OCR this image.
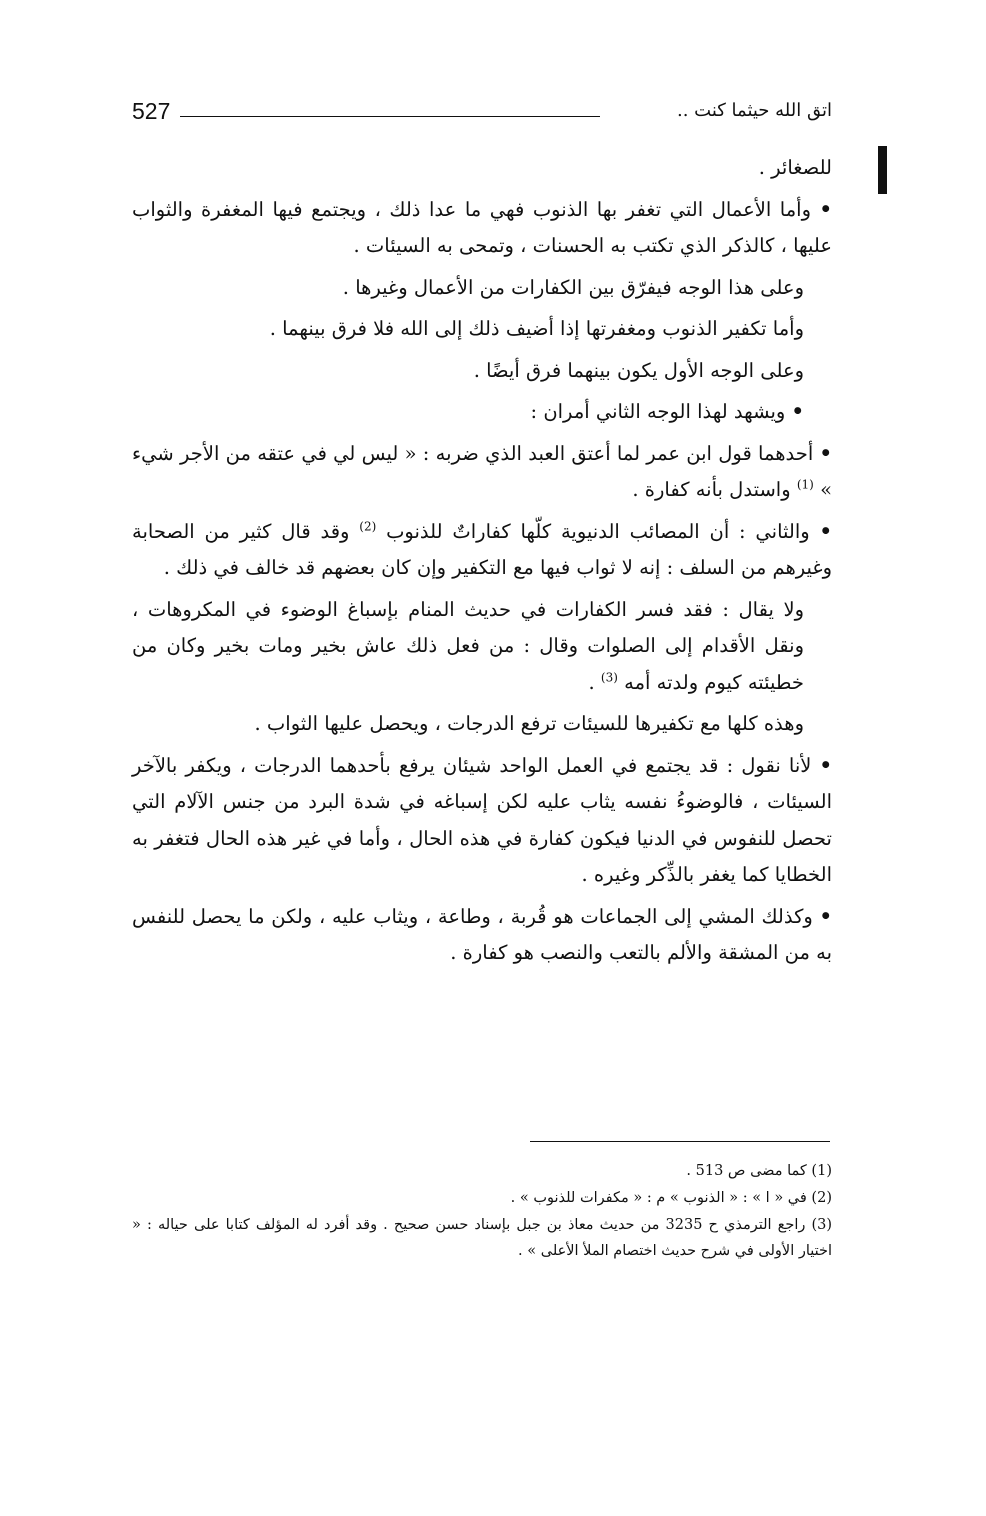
527	اتق الله حيثما كنت ..

للصغائر .

• وأما الأعمال التي تغفر بها الذنوب فهي ما عدا ذلك ، ويجتمع فيها المغفرة والثواب عليها ، كالذكر الذي تكتب به الحسنات ، وتمحى به السيئات .

وعلى هذا الوجه فيفرّق بين الكفارات من الأعمال وغيرها .

وأما تكفير الذنوب ومغفرتها إذا أضيف ذلك إلى الله فلا فرق بينهما .

وعلى الوجه الأول يكون بينهما فرق أيضًا .

• ويشهد لهذا الوجه الثاني أمران :

• أحدهما قول ابن عمر لما أعتق العبد الذي ضربه : « ليس لي في عتقه من الأجر شيء » $^{(1)}$ واستدل بأنه كفارة .

• والثاني : أن المصائب الدنيوية كلّها كفاراتٌ للذنوب $^{(2)}$ وقد قال كثير من الصحابة وغيرهم من السلف : إنه لا ثواب فيها مع التكفير وإن كان بعضهم قد خالف في ذلك .

ولا يقال : فقد فسر الكفارات في حديث المنام بإسباغ الوضوء في المكروهات ، ونقل الأقدام إلى الصلوات وقال : من فعل ذلك عاش بخير ومات بخير وكان من خطيئته كيوم ولدته أمه $^{(3)}$ .

وهذه كلها مع تكفيرها للسيئات ترفع الدرجات ، ويحصل عليها الثواب .

• لأنا نقول : قد يجتمع في العمل الواحد شيئان يرفع بأحدهما الدرجات ، ويكفر بالآخر السيئات ، فالوضوءُ نفسه يثاب عليه لكن إسباغه في شدة البرد من جنس الآلام التي تحصل للنفوس في الدنيا فيكون كفارة في هذه الحال ، وأما في غير هذه الحال فتغفر به الخطايا كما يغفر بالذِّكر وغيره .

• وكذلك المشي إلى الجماعات هو قُربة ، وطاعة ، ويثاب عليه ، ولكن ما يحصل للنفس به من المشقة والألم بالتعب والنصب هو كفارة .

(1) كما مضى ص 513 .

(2) في « ا » : « الذنوب » م : « مكفرات للذنوب » .

(3) راجع الترمذي ح 3235 من حديث معاذ بن جبل بإسناد حسن صحيح . وقد أفرد له المؤلف كتابا على حياله : « اختيار الأولى في شرح حديث اختصام الملأ الأعلى » .
